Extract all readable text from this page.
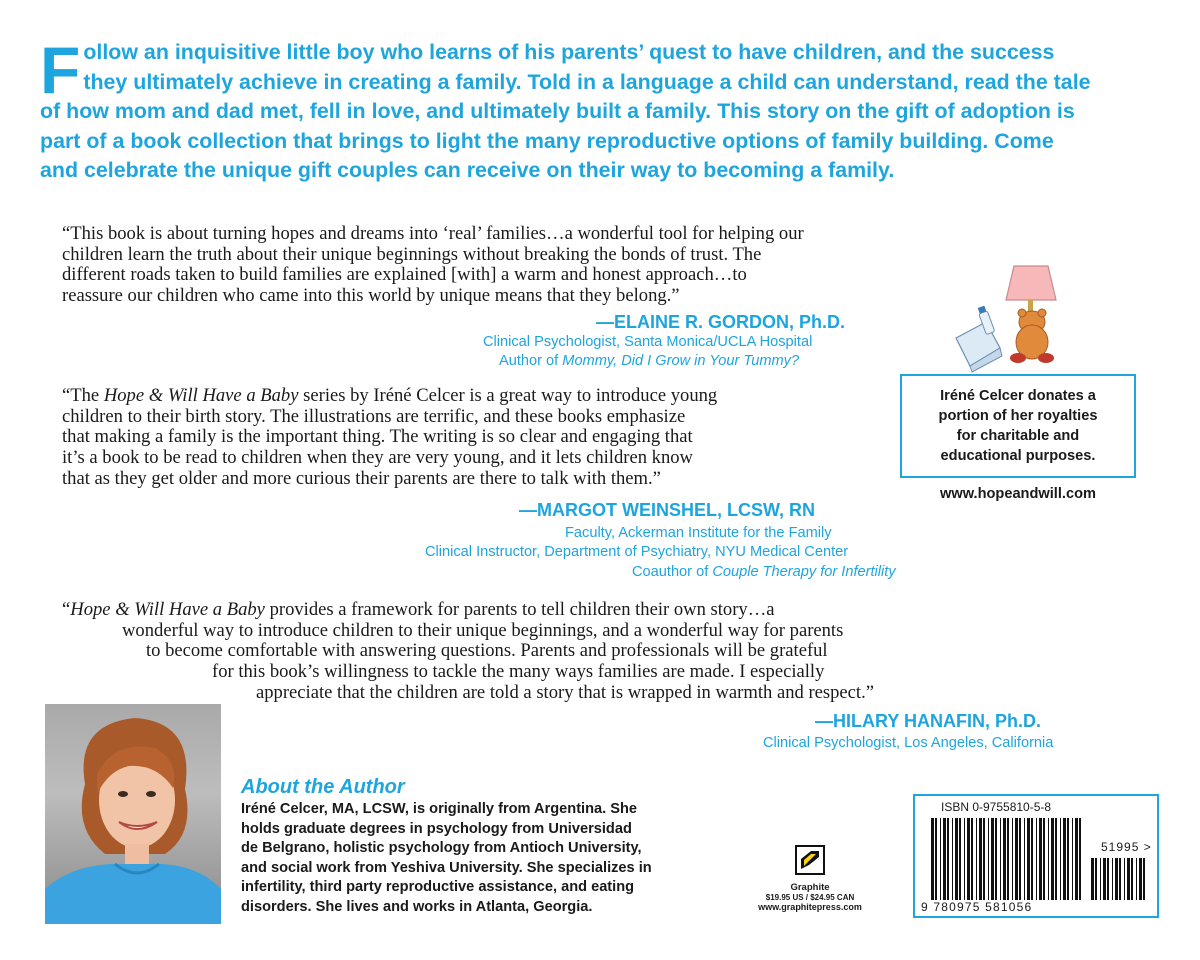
F ollow an inquisitive little boy who learns of his parents’ quest to have children, and the success
they ultimately achieve in creating a family. Told in a language a child can understand, read the tale
of how mom and dad met, fell in love, and ultimately built a family. This story on the gift of adoption is
part of a book collection that brings to light the many reproductive options of family building. Come
and celebrate the unique gift couples can receive on their way to becoming a family.
“This book is about turning hopes and dreams into ‘real’ families…a wonderful tool for helping our
children learn the truth about their unique beginnings without breaking the bonds of trust. The
different roads taken to build families are explained [with] a warm and honest approach…to
reassure our children who came into this world by unique means that they belong.”
—ELAINE R. GORDON, Ph.D.
Clinical Psychologist, Santa Monica/UCLA Hospital
Author of Mommy, Did I Grow in Your Tummy?
Iréné Celcer donates a
portion of her royalties
for charitable and
educational purposes.
www.hopeandwill.com
“The Hope & Will Have a Baby series by Iréné Celcer is a great way to introduce young
children to their birth story. The illustrations are terrific, and these books emphasize
that making a family is the important thing. The writing is so clear and engaging that
it’s a book to be read to children when they are very young, and it lets children know
that as they get older and more curious their parents are there to talk with them.”
—MARGOT WEINSHEL, LCSW, RN
Faculty, Ackerman Institute for the Family
Clinical Instructor, Department of Psychiatry, NYU Medical Center
Coauthor of Couple Therapy for Infertility
“Hope & Will Have a Baby provides a framework for parents to tell children their own story…a
wonderful way to introduce children to their unique beginnings, and a wonderful way for parents
to become comfortable with answering questions. Parents and professionals will be grateful
for this book’s willingness to tackle the many ways families are made. I especially
appreciate that the children are told a story that is wrapped in warmth and respect.”
—HILARY HANAFIN, Ph.D.
Clinical Psychologist, Los Angeles, California
About the Author
Iréné Celcer, MA, LCSW, is originally from Argentina. She
holds graduate degrees in psychology from Universidad
de Belgrano, holistic psychology from Antioch University,
and social work from Yeshiva University. She specializes in
infertility, third party reproductive assistance, and eating
disorders. She lives and works in Atlanta, Georgia.
Graphite
$19.95 US / $24.95 CAN
www.graphitepress.com
ISBN 0-9755810-5-8
51995 >
9 780975 581056
